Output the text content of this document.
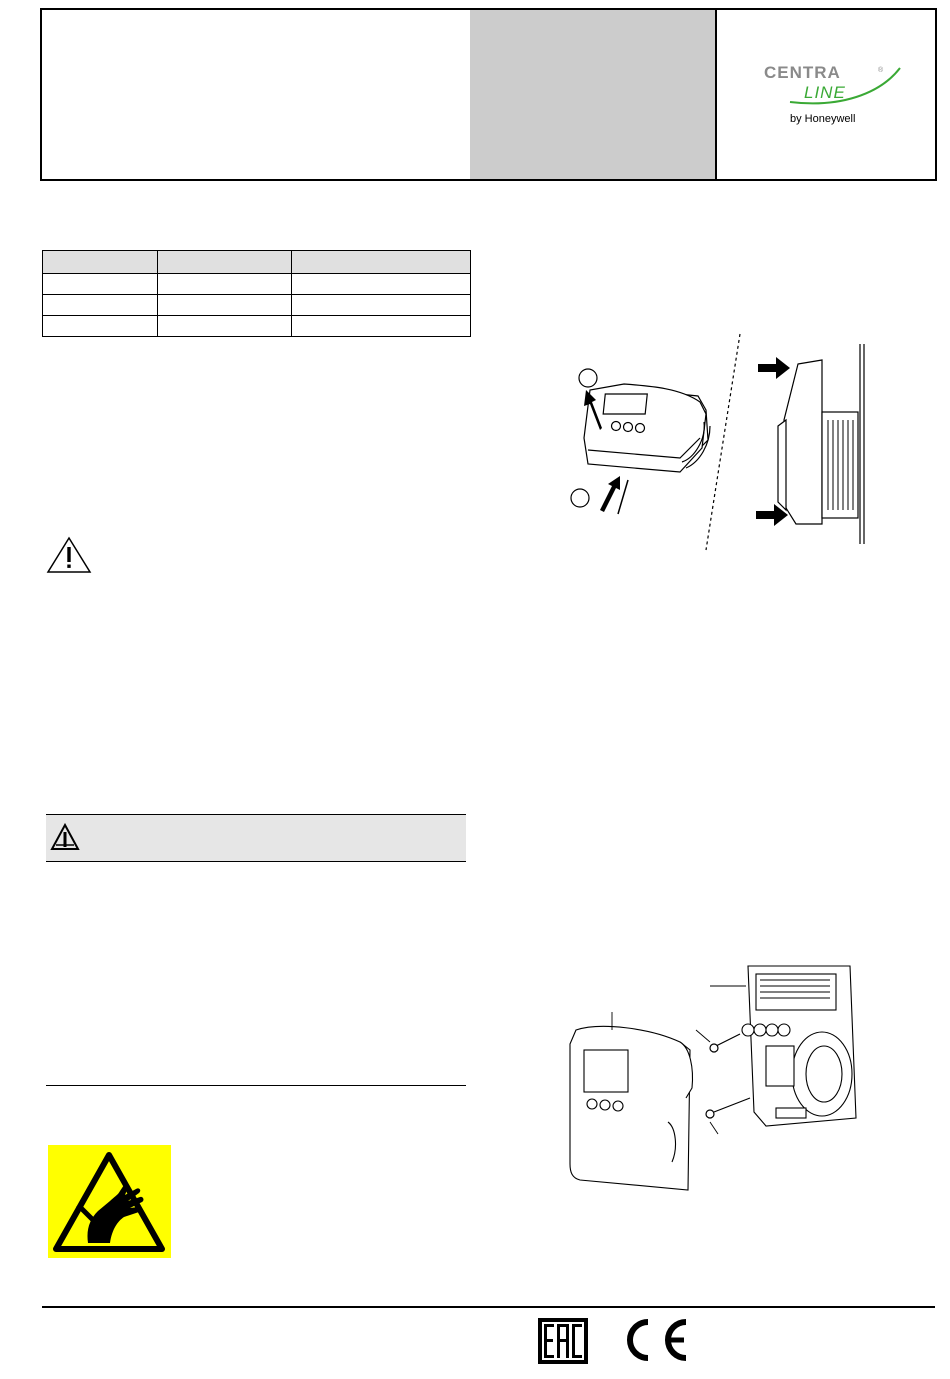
CENTRA	®
LINE
by Honeywell
